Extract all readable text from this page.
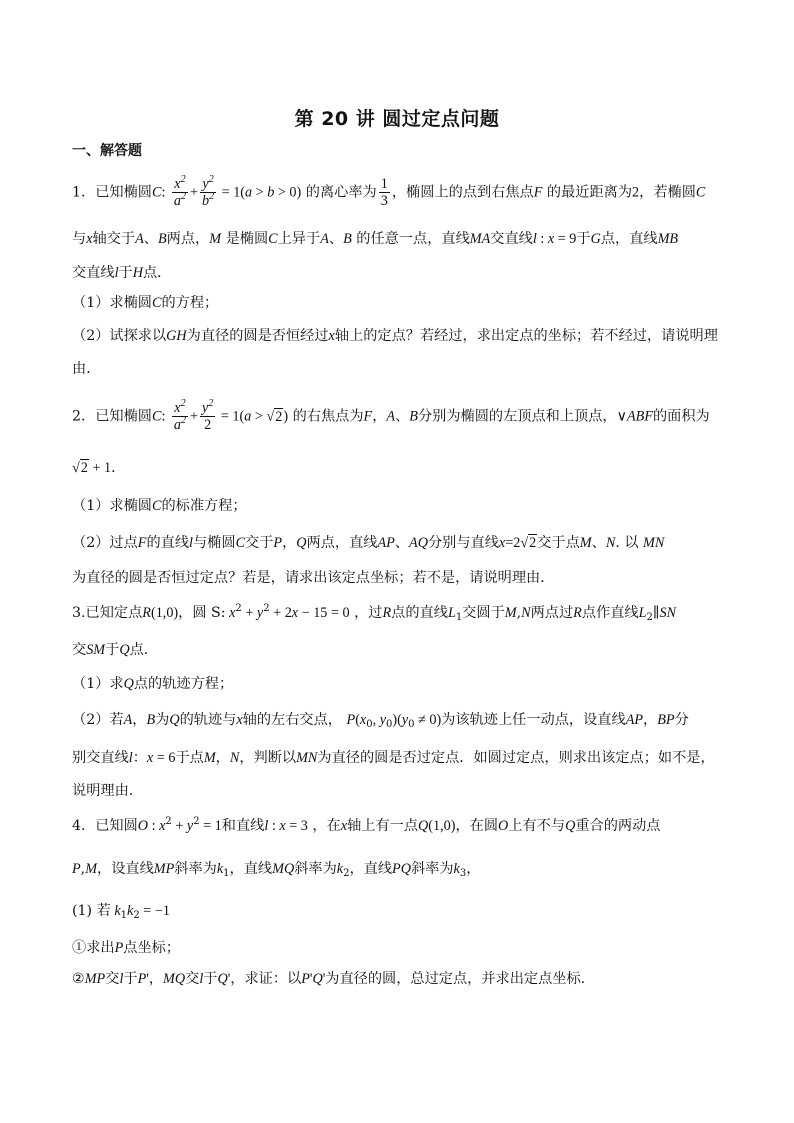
第 20 讲 圆过定点问题
一、解答题
1．已知椭圆C: $\frac{x^2}{a^2} + \frac{y^2}{b^2} = 1(a > b > 0)$ 的离心率为 $\frac{1}{3}$ ，椭圆上的点到右焦点F 的最近距离为2，若椭圆C
与x轴交于A、B两点，M 是椭圆C上异于A、B 的任意一点，直线MA交直线l : x = 9于G点，直线MB
交直线l于H点．
（1）求椭圆C的方程；
（2）试探求以GH为直径的圆是否恒经过x轴上的定点？若经过，求出定点的坐标；若不经过，请说明理
由．
2．已知椭圆C: $\frac{x^2}{a^2} + \frac{y^2}{2} = 1(a > √2)$ 的右焦点为F，A、B分别为椭圆的左顶点和上顶点，∨ABF的面积为
√2 + 1．
（1）求椭圆C的标准方程；
（2）过点F的直线l与椭圆C交于P，Q两点，直线AP、AQ分别与直线x=2√2交于点M、N. 以 MN
为直径的圆是否恒过定点？若是，请求出该定点坐标；若不是，请说明理由．
3.已知定点R(1,0)，圆 S: $x^2 + y^2 + 2x - 15 = 0$ ，过R点的直线$L_1$交圆于M,N两点过R点作直线$L_2\parallel SN$
交SM于Q点.
（1）求Q点的轨迹方程；
（2）若A，B为Q的轨迹与x轴的左右交点， $P(x_0$, $y_0)(y_0 \ne 0)$为该轨迹上任一动点，设直线AP，BP分
别交直线l：x = 6于点M，N，判断以MN为直径的圆是否过定点．如圆过定点，则求出该定点；如不是，
说明理由.
4．已知圆O : $x^2 + y^2 = 1$和直线l : x = 3 ，在x轴上有一点Q(1,0)，在圆O上有不与Q重合的两动点
P,M，设直线MP斜率为$k_1$，直线MQ斜率为$k_2$，直线PQ斜率为$k_3$，
(1) 若 $k_1k_2 = -1$
①求出P点坐标；
②MP交l于P'，MQ交l于Q'，求证：以P'Q'为直径的圆，总过定点，并求出定点坐标．
